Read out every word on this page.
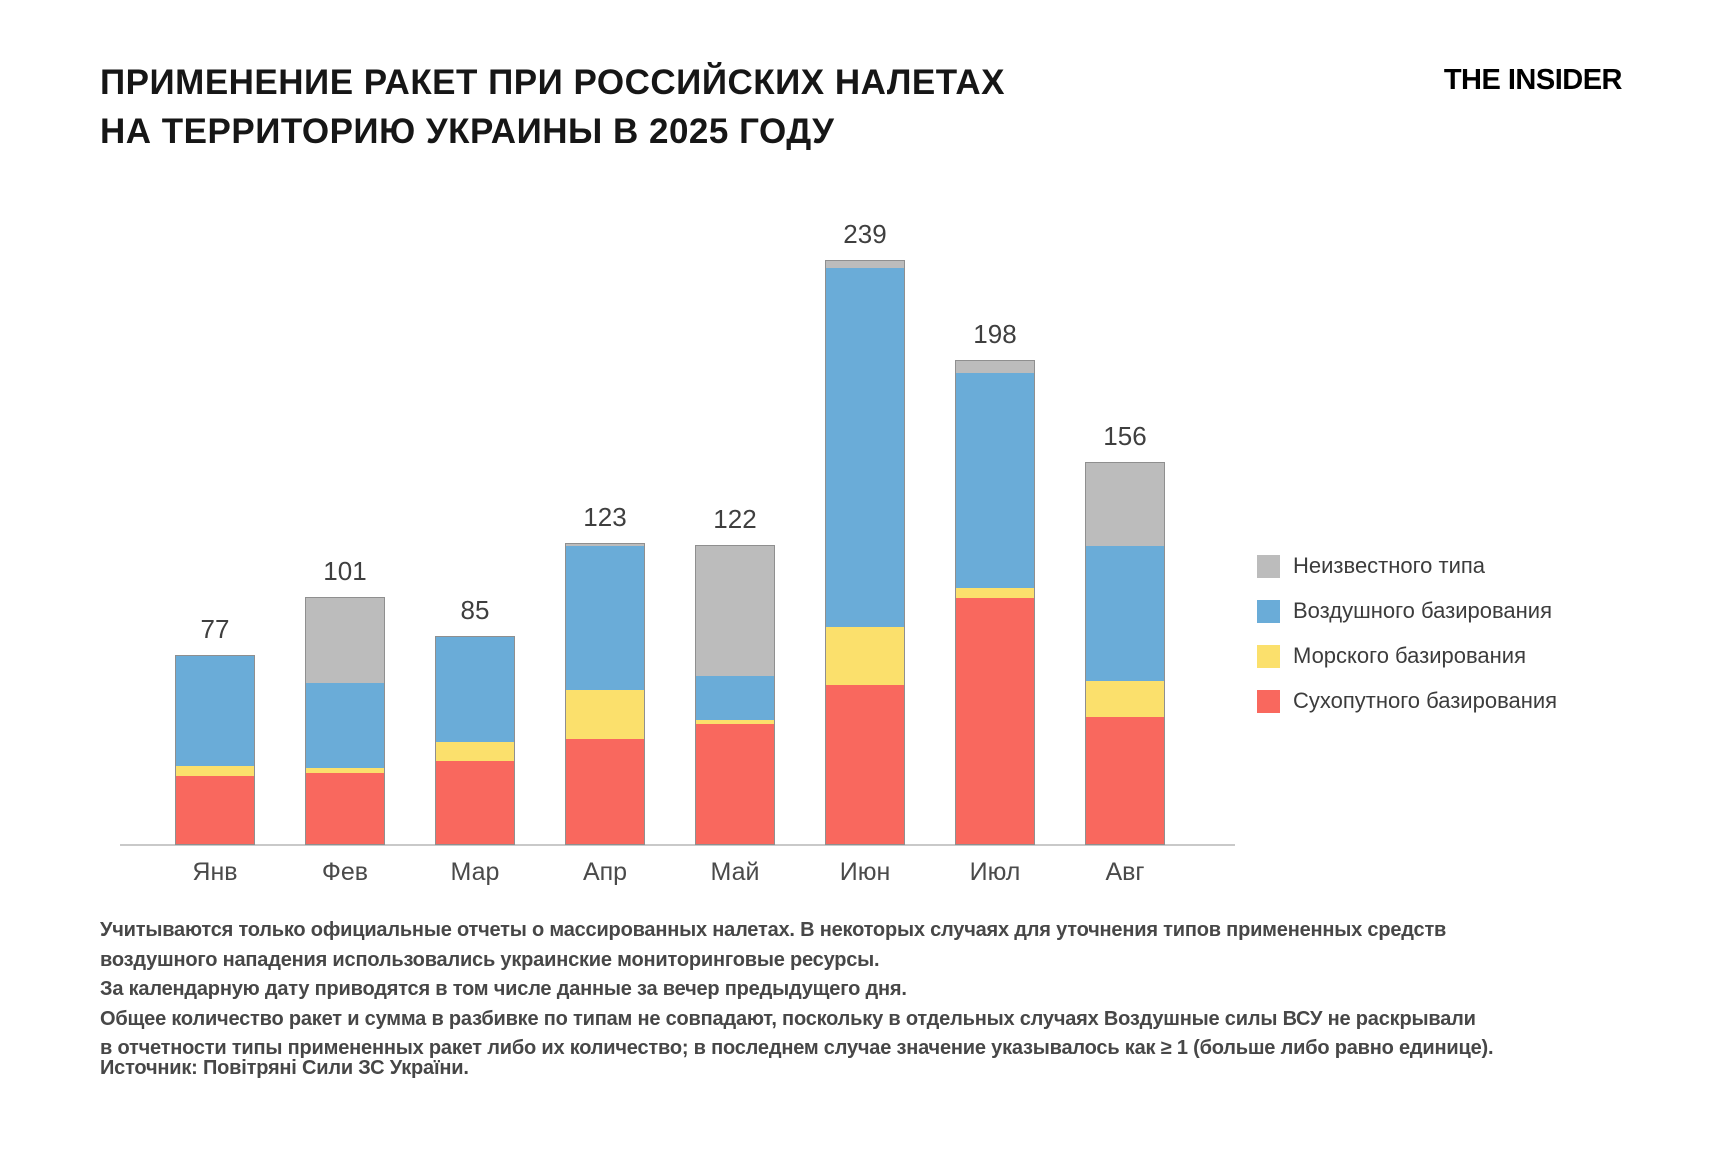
ПРИМЕНЕНИЕ РАКЕТ ПРИ РОССИЙСКИХ НАЛЕТАХ
НА ТЕРРИТОРИЮ УКРАИНЫ В 2025 ГОДУ
THE INSIDER
77
101
85
123	122
239
198
156
Янв	Фев	Мар	Апр	Май	Июн	Июл	Авг
Неизвестного типа
Воздушного базирования
Морского базирования
Сухопутного базирования
Учитываются только официальные отчеты о массированных налетах. В некоторых случаях для уточнения типов примененных средств
воздушного нападения использовались украинские мониторинговые ресурсы.
За календарную дату приводятся в том числе данные за вечер предыдущего дня.
Общее количество ракет и сумма в разбивке по типам не совпадают, поскольку в отдельных случаях Воздушные силы ВСУ не раскрывали
в отчетности типы примененных ракет либо их количество; в последнем случае значение указывалось как ≥ 1 (больше либо равно единице).
Источник: Повітряні Сили ЗС України.
